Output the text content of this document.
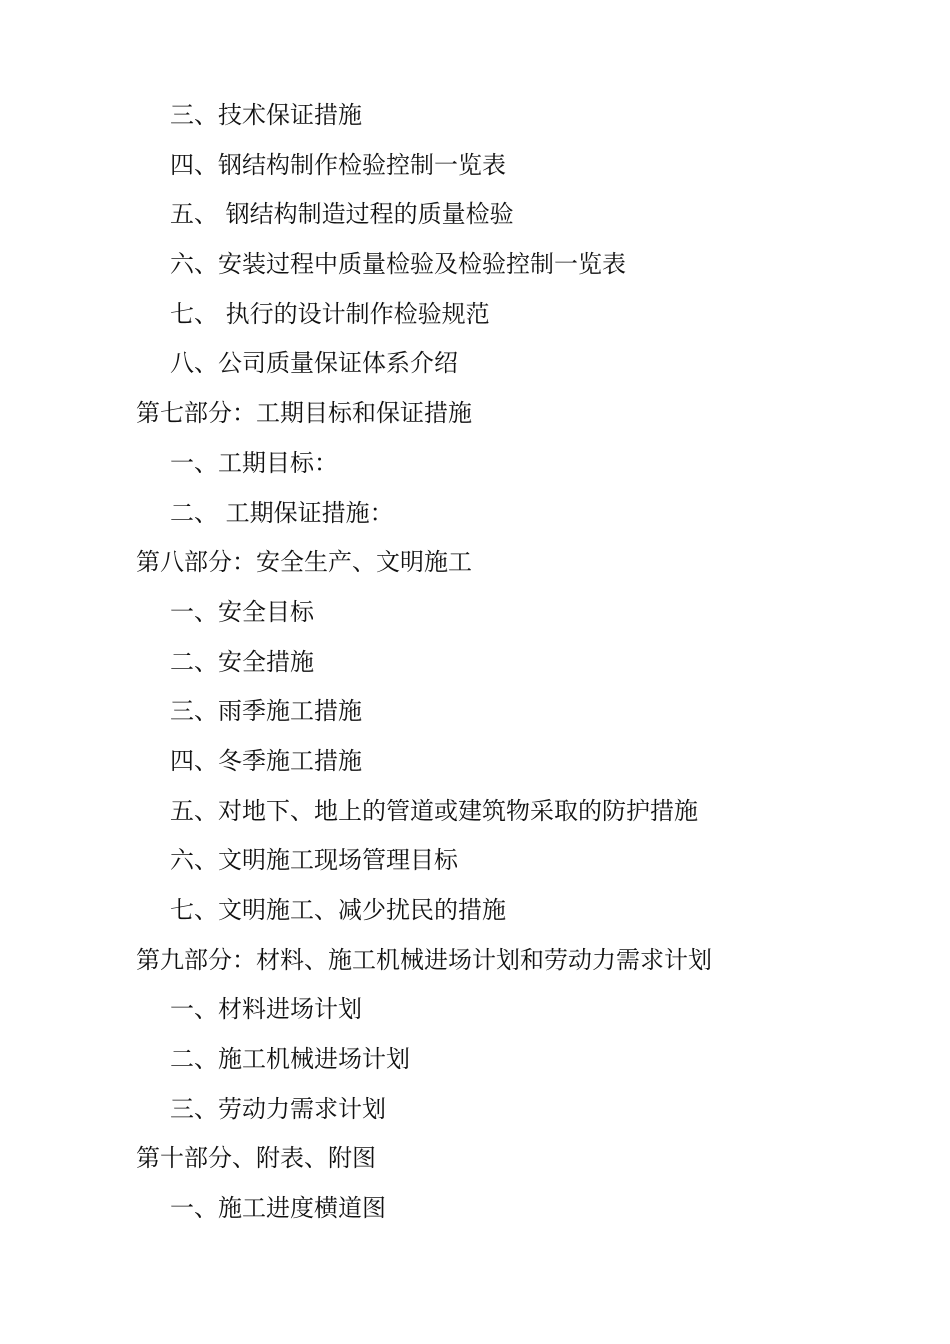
三、技术保证措施
四、钢结构制作检验控制一览表
五、 钢结构制造过程的质量检验
六、安装过程中质量检验及检验控制一览表
七、 执行的设计制作检验规范
八、公司质量保证体系介绍
第七部分：工期目标和保证措施
一、工期目标：
二、 工期保证措施：
第八部分：安全生产、文明施工
一、安全目标
二、安全措施
三、雨季施工措施
四、冬季施工措施
五、对地下、地上的管道或建筑物采取的防护措施
六、文明施工现场管理目标
七、文明施工、减少扰民的措施
第九部分：材料、施工机械进场计划和劳动力需求计划
一、材料进场计划
二、施工机械进场计划
三、劳动力需求计划
第十部分、附表、附图
一、施工进度横道图
